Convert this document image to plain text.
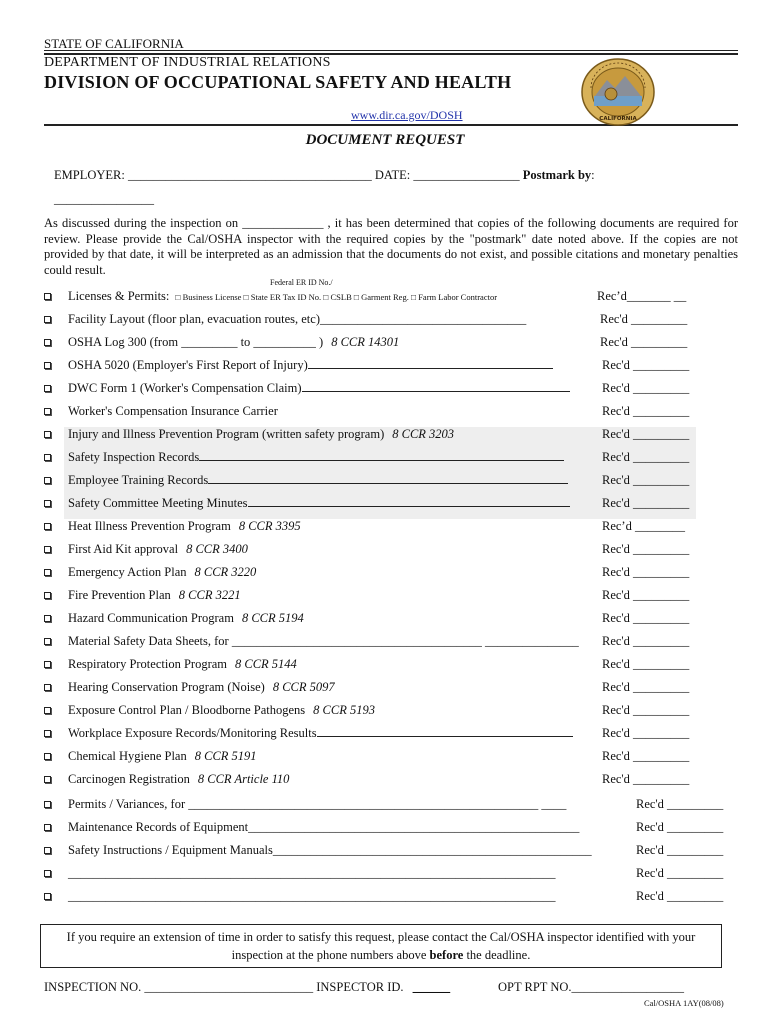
STATE OF CALIFORNIA
DEPARTMENT OF INDUSTRIAL RELATIONS
DIVISION OF OCCUPATIONAL SAFETY AND HEALTH
www.dir.ca.gov/DOSH	CALIFORNIA
DOCUMENT REQUEST
EMPLOYER: _______________________________________ DATE: _________________ Postmark by:
________________
As discussed during the inspection on _____________ , it has been determined that copies of the following documents are required for review. Please provide the Cal/OSHA inspector with the required copies by the "postmark" date noted above. If the copies are not provided by that date, it will be interpreted as an admission that the documents do not exist, and possible citations and monetary penalties could result.
Federal ER ID No./
Licenses & Permits: □ Business License □ State ER Tax ID No. □ CSLB □ Garment Reg. □ Farm Labor Contractor	Rec’d_______ __
Facility Layout (floor plan, evacuation routes, etc)_________________________________	Rec'd _________
OSHA Log 300 (from _________ to __________ ) 8 CCR 14301	Rec'd _________
OSHA 5020 (Employer's First Report of Injury)	Rec'd _________
DWC Form 1 (Worker's Compensation Claim)	Rec'd _________
Worker's Compensation Insurance Carrier	Rec'd _________
Injury and Illness Prevention Program (written safety program) 8 CCR 3203	Rec'd _________
Safety Inspection Records	Rec'd _________
Employee Training Records	Rec'd _________
Safety Committee Meeting Minutes	Rec'd _________
Heat Illness Prevention Program 8 CCR 3395	Rec’d ________
First Aid Kit approval 8 CCR 3400	Rec'd _________
Emergency Action Plan 8 CCR 3220	Rec'd _________
Fire Prevention Plan 8 CCR 3221	Rec'd _________
Hazard Communication Program 8 CCR 5194	Rec'd _________
Material Safety Data Sheets, for ________________________________________ _______________ Rec'd _________
Respiratory Protection Program 8 CCR 5144	Rec'd _________
Hearing Conservation Program (Noise) 8 CCR 5097	Rec'd _________
Exposure Control Plan / Bloodborne Pathogens 8 CCR 5193	Rec'd _________
Workplace Exposure Records/Monitoring Results	Rec'd _________
Chemical Hygiene Plan 8 CCR 5191	Rec'd _________
Carcinogen Registration 8 CCR Article 110	Rec'd _________
Permits / Variances, for ________________________________________________________ ____	Rec'd _________
Maintenance Records of Equipment_____________________________________________________	Rec'd _________
Safety Instructions / Equipment Manuals___________________________________________________	Rec'd _________
______________________________________________________________________________	Rec'd _________
______________________________________________________________________________	Rec'd _________
If you require an extension of time in order to satisfy this request, please contact the Cal/OSHA inspector identified with your inspection at the phone numbers above before the deadline.
INSPECTION NO. ___________________________ INSPECTOR ID. ______	OPT RPT NO.__________________
Cal/OSHA 1AY(08/08)
